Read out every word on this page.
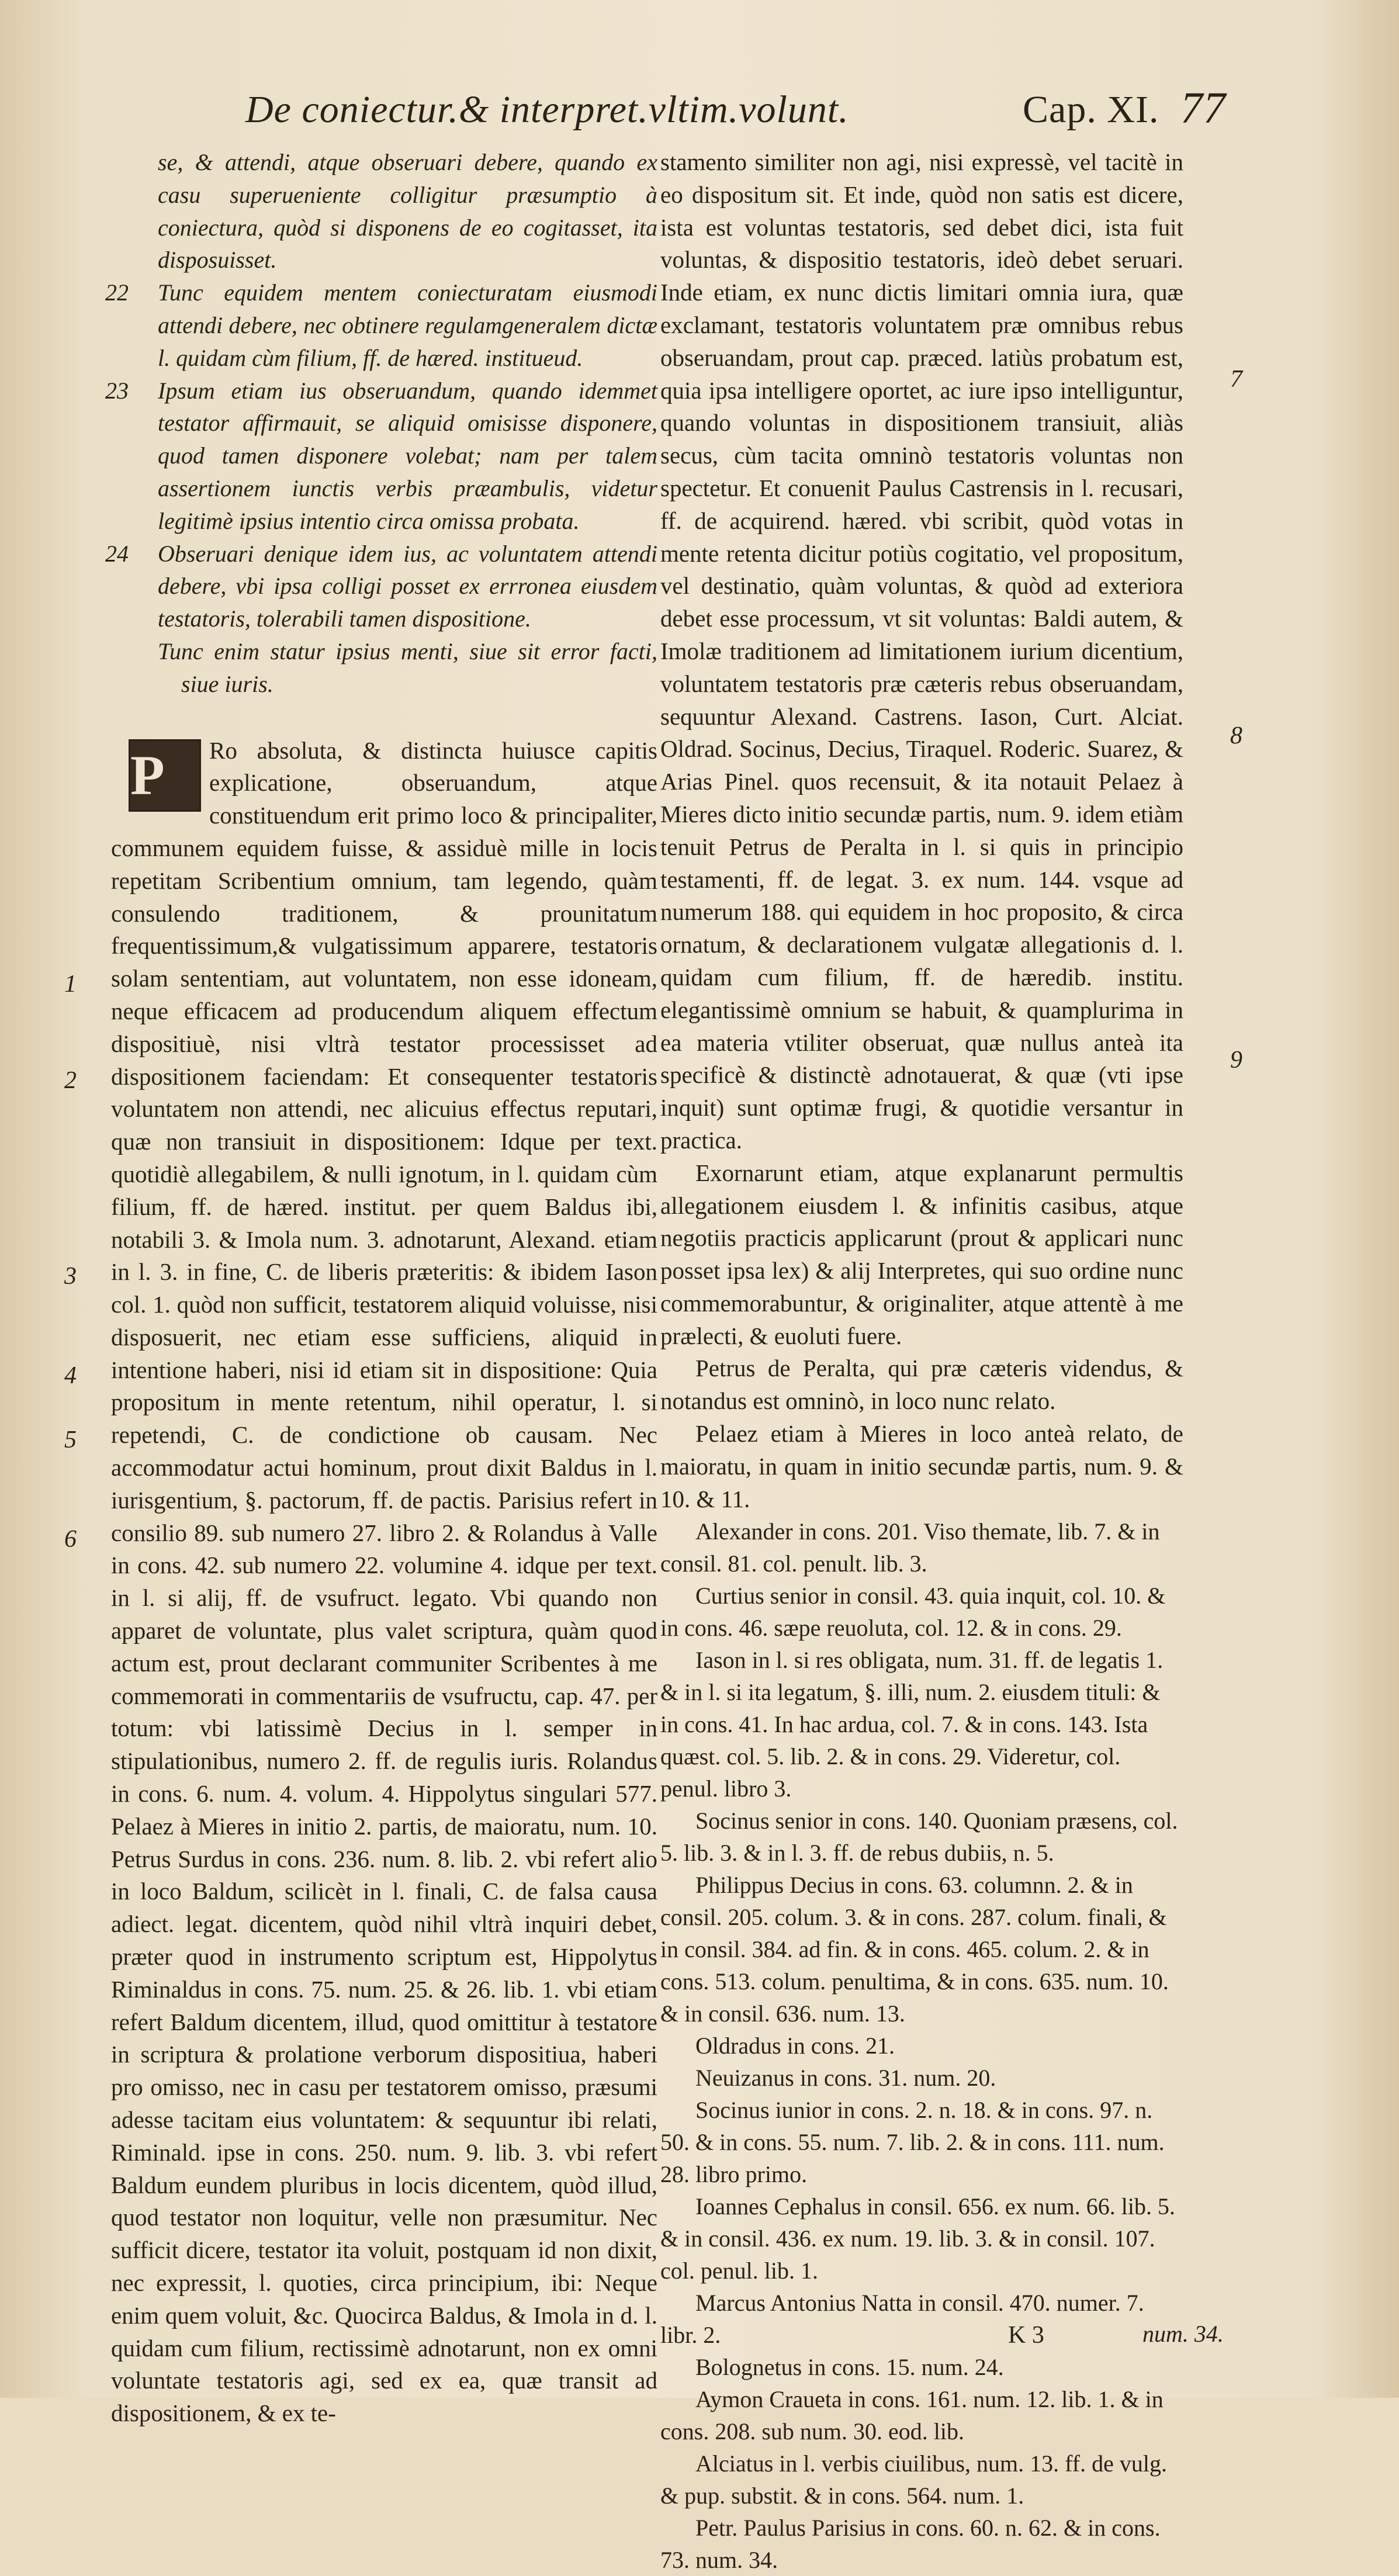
De coniectur.& interpret.vltim.volunt.	Cap. XI. 77

se, & attendi, atque obseruari debere, quando ex casu superueniente colligitur præsumptio à coniectura, quòd si disponens de eo cogitasset, ita disposuisset.

22	Tunc equidem mentem coniecturatam eiusmodi attendi debere, nec obtinere regulamgeneralem dictæ l. quidam cùm filium, ff. de hæred. institueud.

23	Ipsum etiam ius obseruandum, quando idemmet testator affirmauit, se aliquid omisisse disponere, quod tamen disponere volebat; nam per talem assertionem iunctis verbis præambulis, videtur legitimè ipsius intentio circa omissa probata.

24	Obseruari denique idem ius, ac voluntatem attendi debere, vbi ipsa colligi posset ex errronea eiusdem testatoris, tolerabili tamen dispositione.

Tunc enim statur ipsius menti, siue sit error facti, siue iuris.

P	Ro absoluta, & distincta huiusce capitis explicatione, obseruandum, atque constituendum erit primo loco & principaliter, communem equidem fuisse, & assiduè mille in locis repetitam Scribentium omnium, tam legendo, quàm consulendo traditionem, & prounitatum frequentissimum,& vulgatissimum apparere, testatoris solam sententiam, aut voluntatem, non esse idoneam, neque efficacem ad producendum aliquem effectum dispositiuè, nisi vltrà testator processisset ad dispositionem faciendam: Et consequenter testatoris voluntatem non attendi, nec alicuius effectus reputari, quæ non transiuit in dispositionem: Idque per text. quotidiè allegabilem, & nulli ignotum, in l. quidam cùm filium, ff. de hæred. institut. per quem Baldus ibi, notabili 3. & Imola num. 3. adnotarunt, Alexand. etiam in l. 3. in fine, C. de liberis præteritis: & ibidem Iason col. 1. quòd non sufficit, testatorem aliquid voluisse, nisi disposuerit, nec etiam esse sufficiens, aliquid in intentione haberi, nisi id etiam sit in dispositione: Quia propositum in mente retentum, nihil operatur, l. si repetendi, C. de condictione ob causam. Nec accommodatur actui hominum, prout dixit Baldus in l. iurisgentium, §. pactorum, ff. de pactis. Parisius refert in consilio 89. sub numero 27. libro 2. & Rolandus à Valle in cons. 42. sub numero 22. volumine 4. idque per text. in l. si alij, ff. de vsufruct. legato. Vbi quando non apparet de voluntate, plus valet scriptura, quàm quod actum est, prout declarant communiter Scribentes à me commemorati in commentariis de vsufructu, cap. 47. per totum: vbi latissimè Decius in l. semper in stipulationibus, numero 2. ff. de regulis iuris. Rolandus in cons. 6. num. 4. volum. 4. Hippolytus singulari 577. Pelaez à Mieres in initio 2. partis, de maioratu, num. 10. Petrus Surdus in cons. 236. num. 8. lib. 2. vbi refert alio in loco Baldum, scilicèt in l. finali, C. de falsa causa adiect. legat. dicentem, quòd nihil vltrà inquiri debet, præter quod in instrumento scriptum est, Hippolytus Riminaldus in cons. 75. num. 25. & 26. lib. 1. vbi etiam refert Baldum dicentem, illud, quod omittitur à testatore in scriptura & prolatione verborum dispositiua, haberi pro omisso, nec in casu per testatorem omisso, præsumi adesse tacitam eius voluntatem: & sequuntur ibi relati, Riminald. ipse in cons. 250. num. 9. lib. 3. vbi refert Baldum eundem pluribus in locis dicentem, quòd illud, quod testator non loquitur, velle non præsumitur. Nec sufficit dicere, testator ita voluit, postquam id non dixit, nec expressit, l. quoties, circa principium, ibi: Neque enim quem voluit, &c. Quocirca Baldus, & Imola in d. l. quidam cum filium, rectissimè adnotarunt, non ex omni voluntate testatoris agi, sed ex ea, quæ transit ad dispositionem, & ex te-

1
2
3
4
5
6

stamento similiter non agi, nisi expressè, vel tacitè in eo dispositum sit. Et inde, quòd non satis est dicere, ista est voluntas testatoris, sed debet dici, ista fuit voluntas, & dispositio testatoris, ideò debet seruari. Inde etiam, ex nunc dictis limitari omnia iura, quæ exclamant, testatoris voluntatem præ omnibus rebus obseruandam, prout cap. præced. latiùs probatum est, quia ipsa intelligere oportet, ac iure ipso intelliguntur, quando voluntas in dispositionem transiuit, aliàs secus, cùm tacita omninò testatoris voluntas non spectetur. Et conuenit Paulus Castrensis in l. recusari, ff. de acquirend. hæred. vbi scribit, quòd votas in mente retenta dicitur potiùs cogitatio, vel propositum, vel destinatio, quàm voluntas, & quòd ad exteriora debet esse processum, vt sit voluntas: Baldi autem, & Imolæ traditionem ad limitationem iurium dicentium, voluntatem testatoris præ cæteris rebus obseruandam, sequuntur Alexand. Castrens. Iason, Curt. Alciat. Oldrad. Socinus, Decius, Tiraquel. Roderic. Suarez, & Arias Pinel. quos recensuit, & ita notauit Pelaez à Mieres dicto initio secundæ partis, num. 9. idem etiàm tenuit Petrus de Peralta in l. si quis in principio testamenti, ff. de legat. 3. ex num. 144. vsque ad numerum 188. qui equidem in hoc proposito, & circa ornatum, & declarationem vulgatæ allegationis d. l. quidam cum filium, ff. de hæredib. institu. elegantissimè omnium se habuit, & quamplurima in ea materia vtiliter obseruat, quæ nullus anteà ita specificè & distinctè adnotauerat, & quæ (vti ipse inquit) sunt optimæ frugi, & quotidie versantur in practica.

Exornarunt etiam, atque explanarunt permultis allegationem eiusdem l. & infinitis casibus, atque negotiis practicis applicarunt (prout & applicari nunc posset ipsa lex) & alij Interpretes, qui suo ordine nunc commemorabuntur, & originaliter, atque attentè à me prælecti, & euoluti fuere.

Petrus de Peralta, qui præ cæteris videndus, & notandus est omninò, in loco nunc relato.

Pelaez etiam à Mieres in loco anteà relato, de maioratu, in quam in initio secundæ partis, num. 9. & 10. & 11.

Alexander in cons. 201. Viso themate, lib. 7. & in consil. 81. col. penult. lib. 3.

Curtius senior in consil. 43. quia inquit, col. 10. & in cons. 46. sæpe reuoluta, col. 12. & in cons. 29.

Iason in l. si res obligata, num. 31. ff. de legatis 1. & in l. si ita legatum, §. illi, num. 2. eiusdem tituli: & in cons. 41. In hac ardua, col. 7. & in cons. 143. Ista quæst. col. 5. lib. 2. & in cons. 29. Videretur, col. penul. libro 3.

Socinus senior in cons. 140. Quoniam præsens, col. 5. lib. 3. & in l. 3. ff. de rebus dubiis, n. 5.

Philippus Decius in cons. 63. columnn. 2. & in consil. 205. colum. 3. & in cons. 287. colum. finali, & in consil. 384. ad fin. & in cons. 465. colum. 2. & in cons. 513. colum. penultima, & in cons. 635. num. 10. & in consil. 636. num. 13.

Oldradus in cons. 21.

Neuizanus in cons. 31. num. 20.

Socinus iunior in cons. 2. n. 18. & in cons. 97. n. 50. & in cons. 55. num. 7. lib. 2. & in cons. 111. num. 28. libro primo.

Ioannes Cephalus in consil. 656. ex num. 66. lib. 5. & in consil. 436. ex num. 19. lib. 3. & in consil. 107. col. penul. lib. 1.

Marcus Antonius Natta in consil. 470. numer. 7. libr. 2.

Bolognetus in cons. 15. num. 24.

Aymon Craueta in cons. 161. num. 12. lib. 1. & in cons. 208. sub num. 30. eod. lib.

Alciatus in l. verbis ciuilibus, num. 13. ff. de vulg. & pup. substit. & in cons. 564. num. 1.

Petr. Paulus Parisius in cons. 60. n. 62. & in cons. 73. num. 34.

7
8
9
K 3	num. 34.
